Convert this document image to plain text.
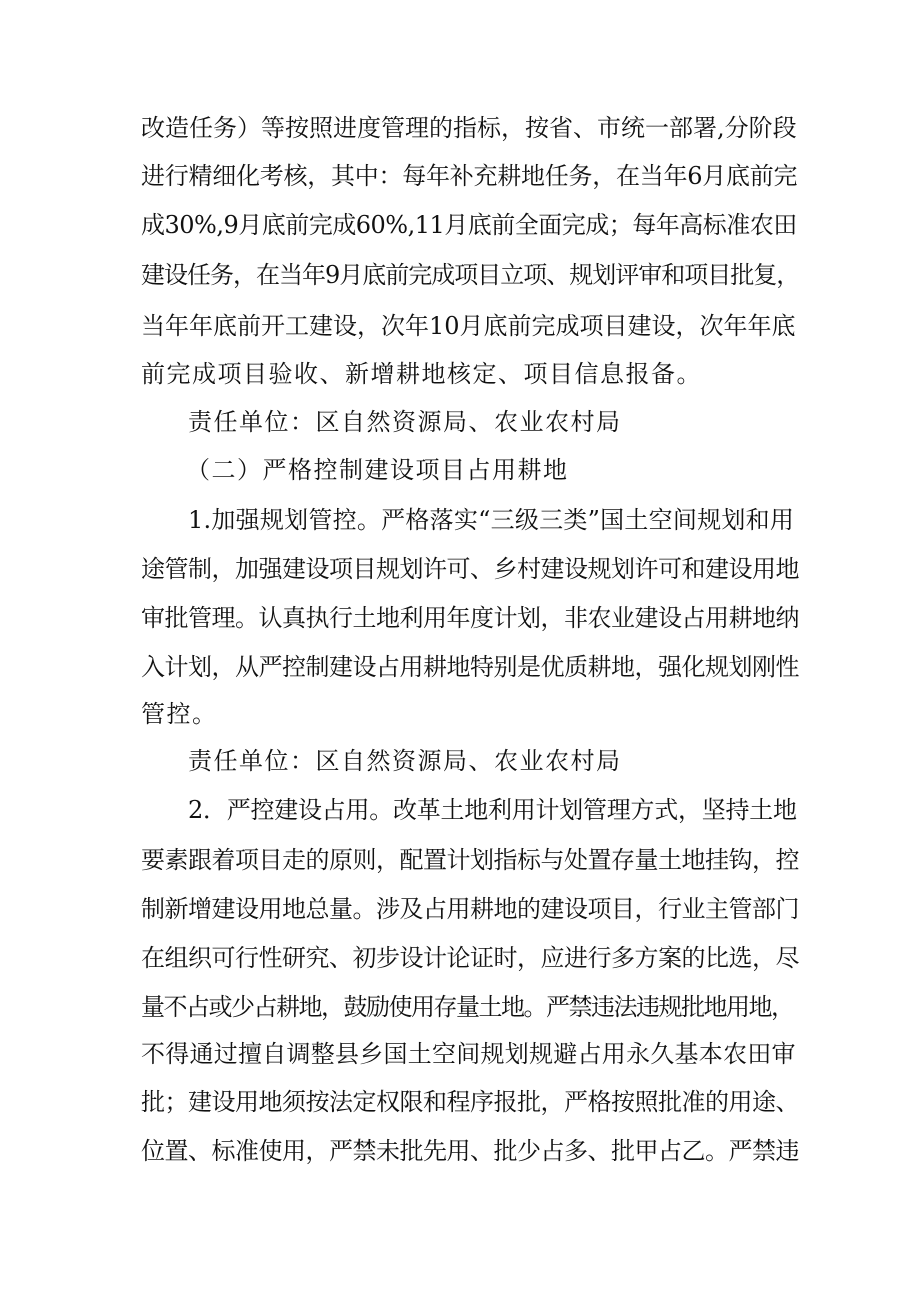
改造任务）等按照进度管理的指标，按省、市统一部署,分阶段
进行精细化考核，其中：每年补充耕地任务，在当年6月底前完
成30%,9月底前完成60%,11月底前全面完成；每年高标准农田
建设任务，在当年9月底前完成项目立项、规划评审和项目批复，
当年年底前开工建设，次年10月底前完成项目建设，次年年底
前完成项目验收、新增耕地核定、项目信息报备。
责任单位：区自然资源局、农业农村局
（二）严格控制建设项目占用耕地
1.加强规划管控。严格落实“三级三类”国土空间规划和用
途管制，加强建设项目规划许可、乡村建设规划许可和建设用地
审批管理。认真执行土地利用年度计划，非农业建设占用耕地纳
入计划，从严控制建设占用耕地特别是优质耕地，强化规划刚性
管控。
责任单位：区自然资源局、农业农村局
2．严控建设占用。改革土地利用计划管理方式，坚持土地
要素跟着项目走的原则，配置计划指标与处置存量土地挂钩，控
制新增建设用地总量。涉及占用耕地的建设项目，行业主管部门
在组织可行性研究、初步设计论证时，应进行多方案的比选，尽
量不占或少占耕地，鼓励使用存量土地。严禁违法违规批地用地，
不得通过擅自调整县乡国土空间规划规避占用永久基本农田审
批；建设用地须按法定权限和程序报批，严格按照批准的用途、
位置、标准使用，严禁未批先用、批少占多、批甲占乙。严禁违
